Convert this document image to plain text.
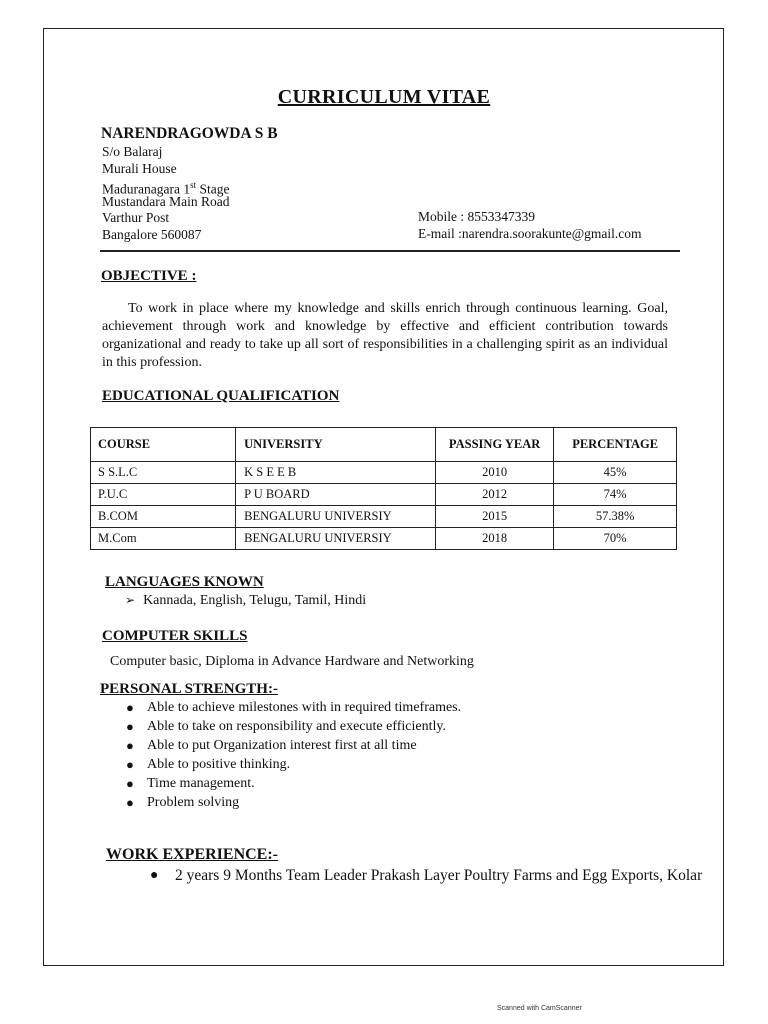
CURRICULUM VITAE
NARENDRAGOWDA S B
S/o Balaraj
Murali House
Maduranagara 1st Stage
Mustandara Main Road
Varthur Post
Bangalore 560087
Mobile : 8553347339
E-mail :narendra.soorakunte@gmail.com
OBJECTIVE :
To work in place where my knowledge and skills enrich through continuous learning. Goal, achievement through work and knowledge by effective and efficient contribution towards organizational and ready to take up all sort of responsibilities in a challenging spirit as an individual in this profession.
EDUCATIONAL QUALIFICATION
COURSE	UNIVERSITY	PASSING YEAR	PERCENTAGE
S S.L.C	K S E E B	2010	45%
P.U.C	P U BOARD	2012	74%
B.COM	BENGALURU UNIVERSIY	2015	57.38%
M.Com	BENGALURU UNIVERSIY	2018	70%
LANGUAGES KNOWN
➢ Kannada, English, Telugu, Tamil, Hindi
COMPUTER SKILLS
Computer basic, Diploma in Advance Hardware and Networking
PERSONAL STRENGTH:-
● Able to achieve milestones with in required timeframes.
● Able to take on responsibility and execute efficiently.
● Able to put Organization interest first at all time
● Able to positive thinking.
● Time management.
● Problem solving
WORK EXPERIENCE:-
●	2 years 9 Months Team Leader Prakash Layer Poultry Farms and Egg Exports, Kolar
Scanned with CamScanner
